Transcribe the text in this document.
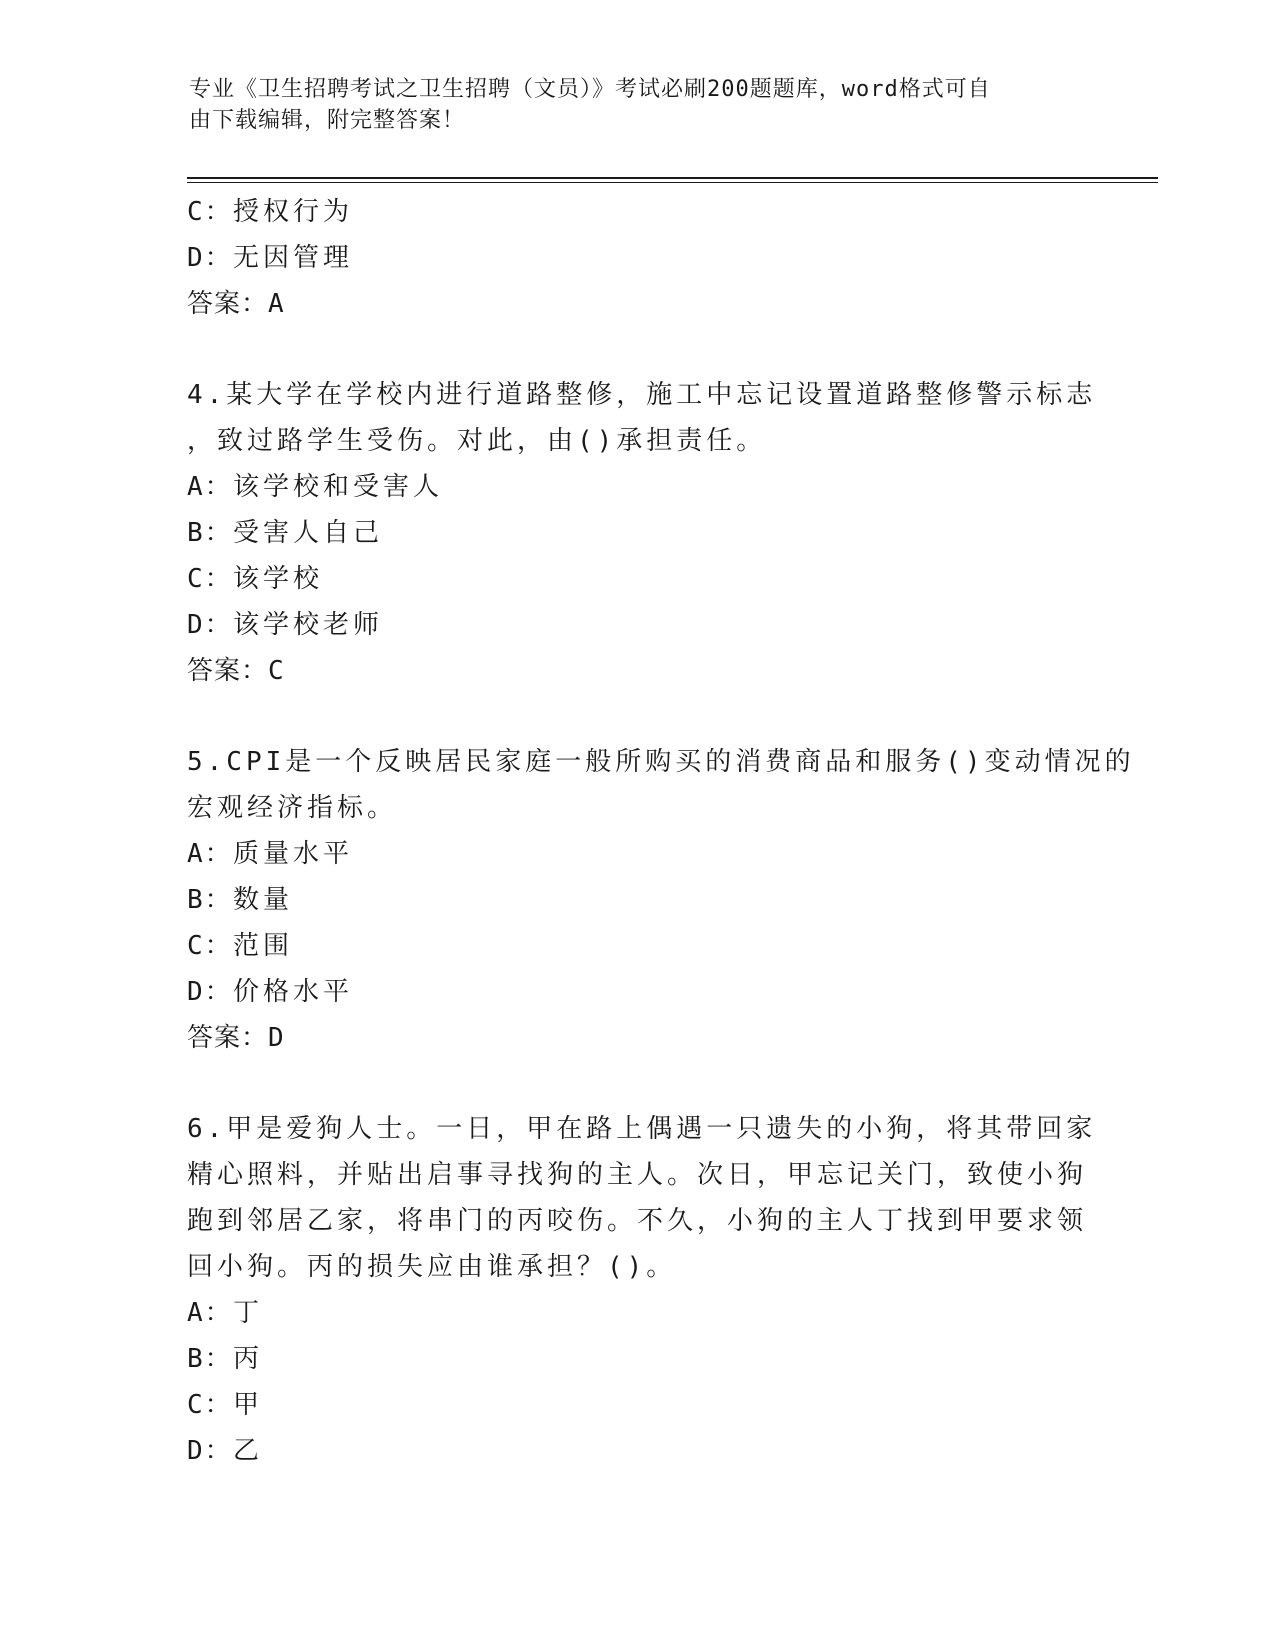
专业《卫生招聘考试之卫生招聘（文员）》考试必刷200题题库，word格式可自
由下载编辑，附完整答案！
C：授权行为
D：无因管理
答案：A
4.某大学在学校内进行道路整修，施工中忘记设置道路整修警示标志
，致过路学生受伤。对此，由()承担责任。
A：该学校和受害人
B：受害人自己
C：该学校
D：该学校老师
答案：C
5.CPI是一个反映居民家庭一般所购买的消费商品和服务()变动情况的
宏观经济指标。
A：质量水平
B：数量
C：范围
D：价格水平
答案：D
6.甲是爱狗人士。一日，甲在路上偶遇一只遗失的小狗，将其带回家
精心照料，并贴出启事寻找狗的主人。次日，甲忘记关门，致使小狗
跑到邻居乙家，将串门的丙咬伤。不久，小狗的主人丁找到甲要求领
回小狗。丙的损失应由谁承担？()。
A：丁
B：丙
C：甲
D：乙
